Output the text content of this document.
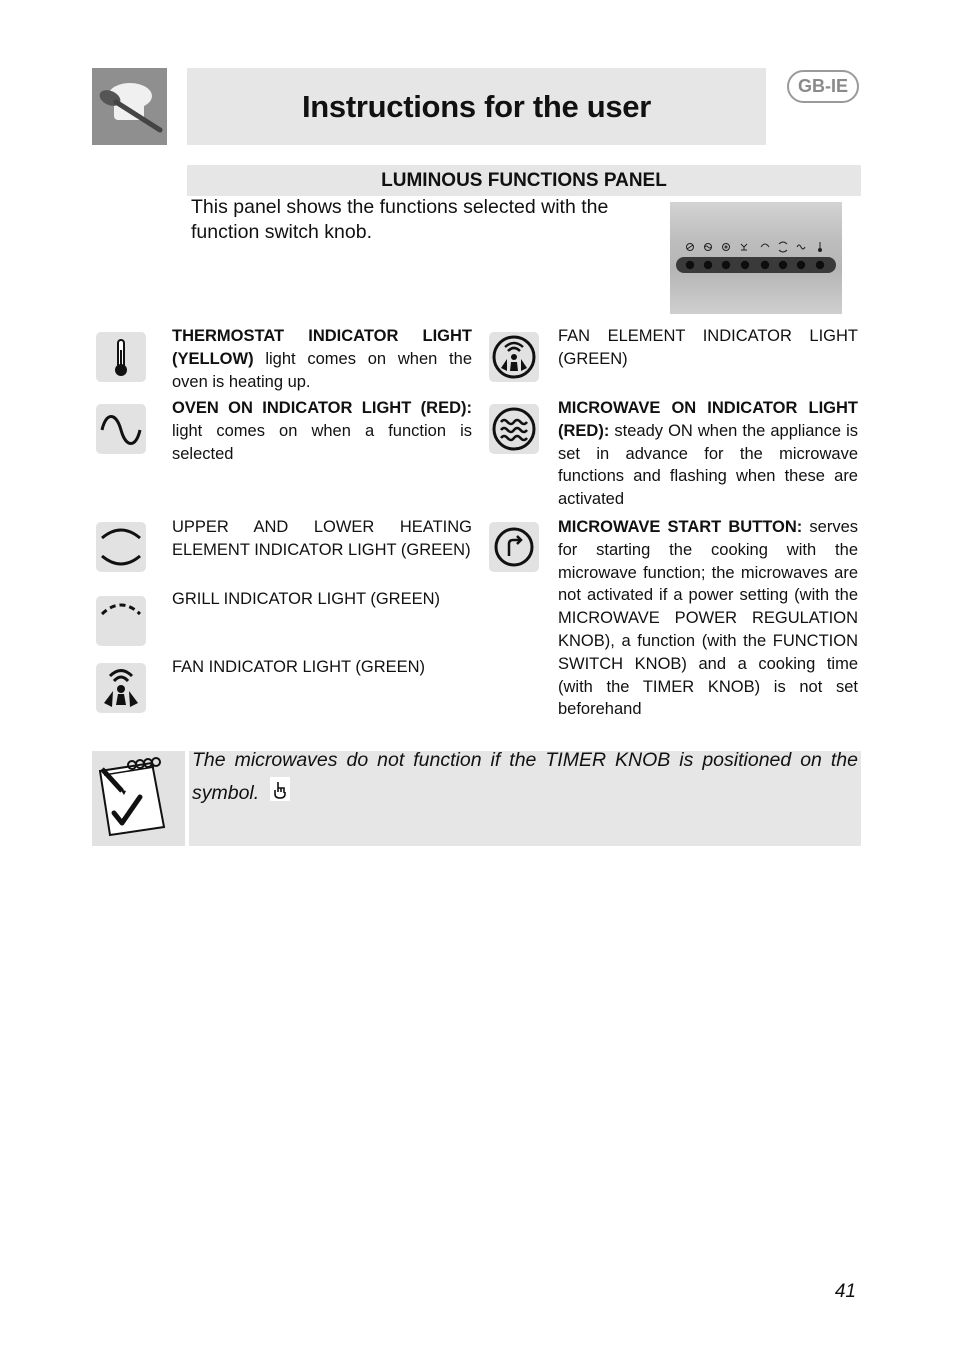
Instructions for the user
GB-IE
LUMINOUS FUNCTIONS PANEL
This panel shows the functions selected with the function switch knob.
THERMOSTAT INDICATOR LIGHT (YELLOW) light comes on when the oven is heating up.
OVEN ON INDICATOR LIGHT (RED): light comes on when a function is selected
UPPER AND LOWER HEATING ELEMENT INDICATOR LIGHT (GREEN)
GRILL INDICATOR LIGHT (GREEN)
FAN INDICATOR LIGHT (GREEN)
FAN ELEMENT INDICATOR LIGHT (GREEN)
MICROWAVE ON INDICATOR LIGHT (RED): steady ON when the appliance is set in advance for the microwave functions and flashing when these are activated
MICROWAVE START BUTTON: serves for starting the cooking with the microwave function; the microwaves are not activated if a power setting (with the MICROWAVE POWER REGULATION KNOB), a function (with the FUNCTION SWITCH KNOB) and a cooking time (with the TIMER KNOB) is not set beforehand
The microwaves do not function if the TIMER KNOB is positioned on the symbol.
41
